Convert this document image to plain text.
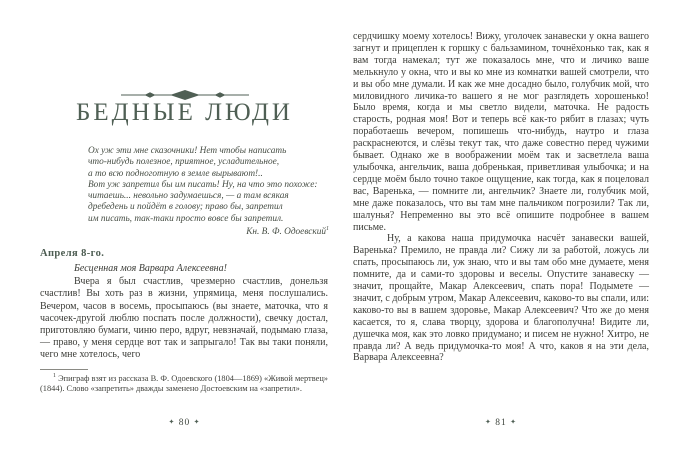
БЕДНЫЕ ЛЮДИ
Ох уж эти мне сказочники! Нет чтобы написать
что-нибудь полезное, приятное, усладительное,
а то всю подноготную в земле вырывают!..
Вот уж запретил бы им писать! Ну, на что это похоже:
читаешь... невольно задумаешься, — а там всякая
дребедень и пойдёт в голову; право бы, запретил
им писать, так-таки просто вовсе бы запретил.
Кн. В. Ф. Одоевский$^1$
Апреля 8-го.

Бесценная моя Варвара Алексеевна!

Вчера я был счастлив, чрезмерно счастлив, донельзя счастлив! Вы хоть раз в жизни, упрямица, меня послушались. Вечером, часов в восемь, просыпаюсь (вы знаете, маточка, что я часочек-другой люблю поспать после должности), свечку достал, приготовляю бумаги, чиню перо, вдруг, невзначай, подымаю глаза, — право, у меня сердце вот так и запрыгало! Так вы таки поняли, чего мне хотелось, чего

$^1$ Эпиграф взят из рассказа В. Ф. Одоевского (1804—1869) «Живой мертвец» (1844). Слово «запретить» дважды заменено Достоевским на «запретил».

✦ 80 ✦

сердчишку моему хотелось! Вижу, уголочек занавески у окна вашего загнут и прицеплен к горшку с бальзамином, точнёхонько так, как я вам тогда намекал; тут же показалось мне, что и личико ваше мелькнуло у окна, что и вы ко мне из комнатки вашей смотрели, что и вы обо мне думали. И как же мне досадно было, голубчик мой, что миловидного личика-то вашего я не мог разглядеть хорошенько! Было время, когда и мы светло видели, маточка. Не радость старость, родная моя! Вот и теперь всё как-то рябит в глазах; чуть поработаешь вечером, попишешь что-нибудь, наутро и глаза раскраснеются, и слёзы текут так, что даже совестно перед чужими бывает. Однако же в воображении моём так и засветлела ваша улыбочка, ангельчик, ваша добренькая, приветливая улыбочка; и на сердце моём было точно такое ощущение, как тогда, как я поцеловал вас, Варенька, — помните ли, ангельчик? Знаете ли, голубчик мой, мне даже показалось, что вы там мне пальчиком погрозили? Так ли, шалунья? Непременно вы это всё опишите подробнее в вашем письме.

Ну, а какова наша придумочка насчёт занавески вашей, Варенька? Премило, не правда ли? Сижу ли за работой, ложусь ли спать, просыпаюсь ли, уж знаю, что и вы там обо мне думаете, меня помните, да и сами-то здоровы и веселы. Опустите занавеску — значит, прощайте, Макар Алексеевич, спать пора! Подымете — значит, с добрым утром, Макар Алексеевич, каково-то вы спали, или: каково-то вы в вашем здоровье, Макар Алексеевич? Что же до меня касается, то я, слава творцу, здорова и благополучна! Видите ли, душечка моя, как это ловко придумано; и писем не нужно! Хитро, не правда ли? А ведь придумочка-то моя! А что, каков я на эти дела, Варвара Алексеевна?

✦ 81 ✦
